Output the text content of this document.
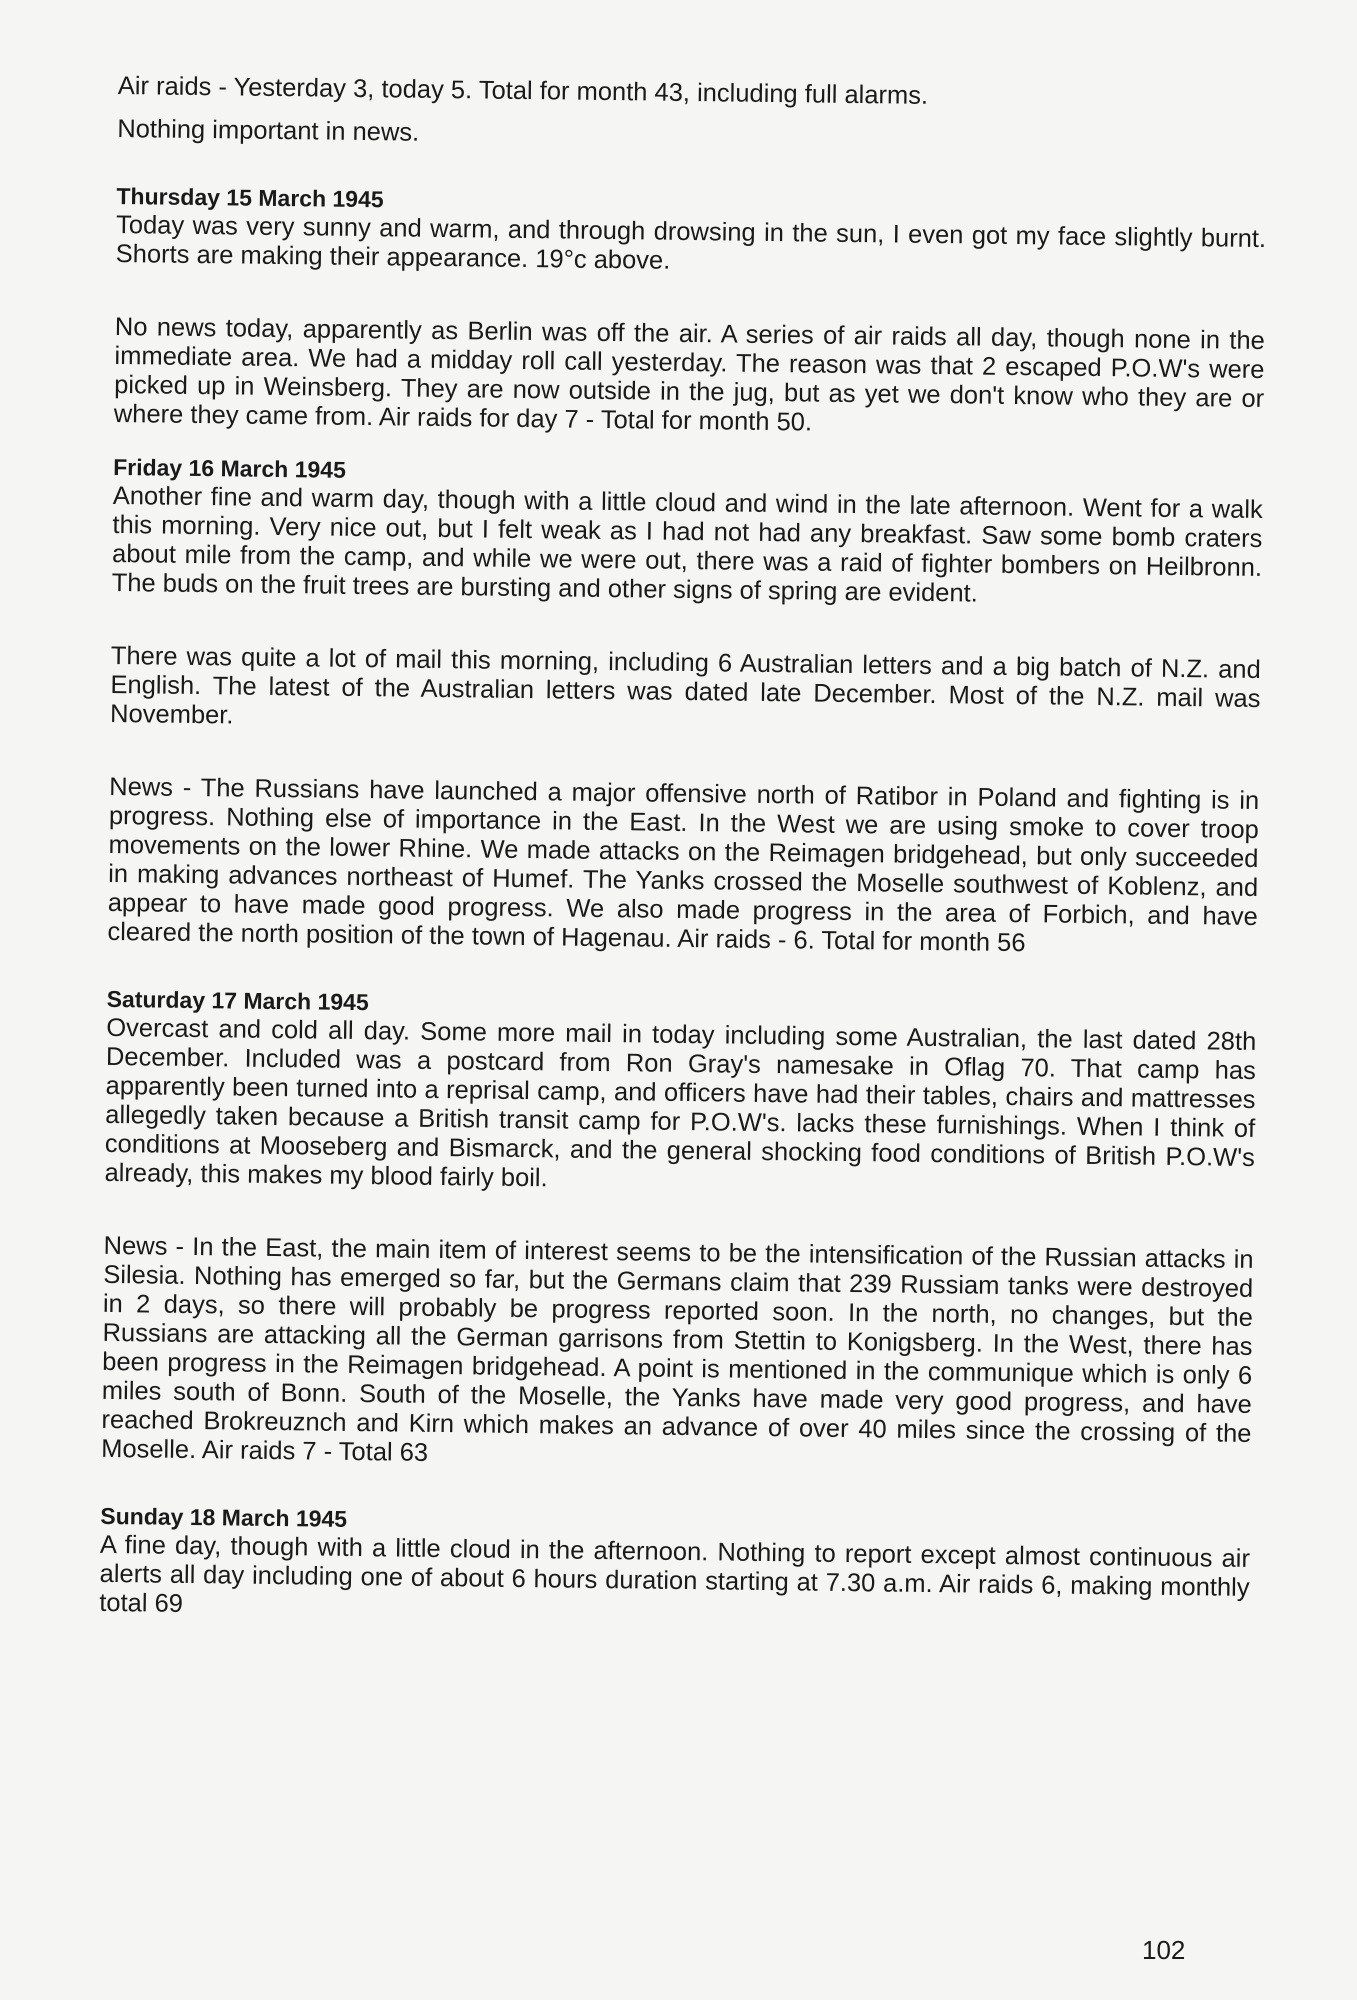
Air raids - Yesterday 3, today 5. Total for month 43, including full alarms.

Nothing important in news.

Thursday 15 March 1945

Today was very sunny and warm, and through drowsing in the sun, I even got my face slightly burnt. Shorts are making their appearance. 19°c above.

No news today, apparently as Berlin was off the air. A series of air raids all day, though none in the immediate area. We had a midday roll call yesterday. The reason was that 2 escaped P.O.W's were picked up in Weinsberg. They are now outside in the jug, but as yet we don't know who they are or where they came from. Air raids for day 7 - Total for month 50.

Friday 16 March 1945

Another fine and warm day, though with a little cloud and wind in the late afternoon. Went for a walk this morning. Very nice out, but I felt weak as I had not had any breakfast. Saw some bomb craters about mile from the camp, and while we were out, there was a raid of fighter bombers on Heilbronn. The buds on the fruit trees are bursting and other signs of spring are evident.

There was quite a lot of mail this morning, including 6 Australian letters and a big batch of N.Z. and English. The latest of the Australian letters was dated late December. Most of the N.Z. mail was November.

News - The Russians have launched a major offensive north of Ratibor in Poland and fighting is in progress. Nothing else of importance in the East. In the West we are using smoke to cover troop movements on the lower Rhine. We made attacks on the Reimagen bridgehead, but only succeeded in making advances northeast of Humef. The Yanks crossed the Moselle southwest of Koblenz, and appear to have made good progress. We also made progress in the area of Forbich, and have cleared the north position of the town of Hagenau. Air raids - 6. Total for month 56

Saturday 17 March 1945

Overcast and cold all day. Some more mail in today including some Australian, the last dated 28th December. Included was a postcard from Ron Gray's namesake in Oflag 70. That camp has apparently been turned into a reprisal camp, and officers have had their tables, chairs and mattresses allegedly taken because a British transit camp for P.O.W's. lacks these furnishings. When I think of conditions at Mooseberg and Bismarck, and the general shocking food conditions of British P.O.W's already, this makes my blood fairly boil.

News - In the East, the main item of interest seems to be the intensification of the Russian attacks in Silesia. Nothing has emerged so far, but the Germans claim that 239 Russiam tanks were destroyed in 2 days, so there will probably be progress reported soon. In the north, no changes, but the Russians are attacking all the German garrisons from Stettin to Konigsberg. In the West, there has been progress in the Reimagen bridgehead. A point is mentioned in the communique which is only 6 miles south of Bonn. South of the Moselle, the Yanks have made very good progress, and have reached Brokreuznch and Kirn which makes an advance of over 40 miles since the crossing of the Moselle. Air raids 7 - Total 63

Sunday 18 March 1945

A fine day, though with a little cloud in the afternoon. Nothing to report except almost continuous air alerts all day including one of about 6 hours duration starting at 7.30 a.m. Air raids 6, making monthly total 69

102
